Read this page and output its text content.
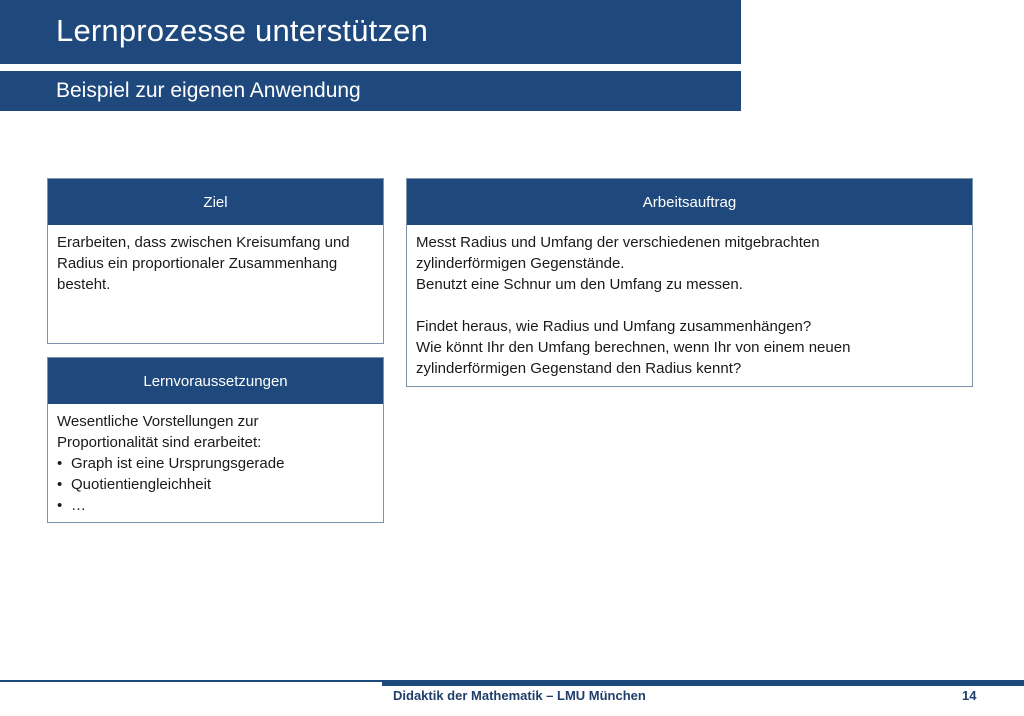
Lernprozesse unterstützen
Beispiel zur eigenen Anwendung
Ziel

Erarbeiten, dass zwischen Kreisumfang und

Radius ein proportionaler Zusammenhang

besteht.

Lernvoraussetzungen

Wesentliche Vorstellungen zur

Proportionalität sind erarbeitet:

• Graph ist eine Ursprungsgerade
• Quotientiengleichheit
• …
Arbeitsauftrag

Messt Radius und Umfang der verschiedenen mitgebrachten

zylinderförmigen Gegenstände.

Benutzt eine Schnur um den Umfang zu messen.

Findet heraus, wie Radius und Umfang zusammenhängen?

Wie könnt Ihr den Umfang berechnen, wenn Ihr von einem neuen

zylinderförmigen Gegenstand den Radius kennt?

Didaktik der Mathematik – LMU München	14
